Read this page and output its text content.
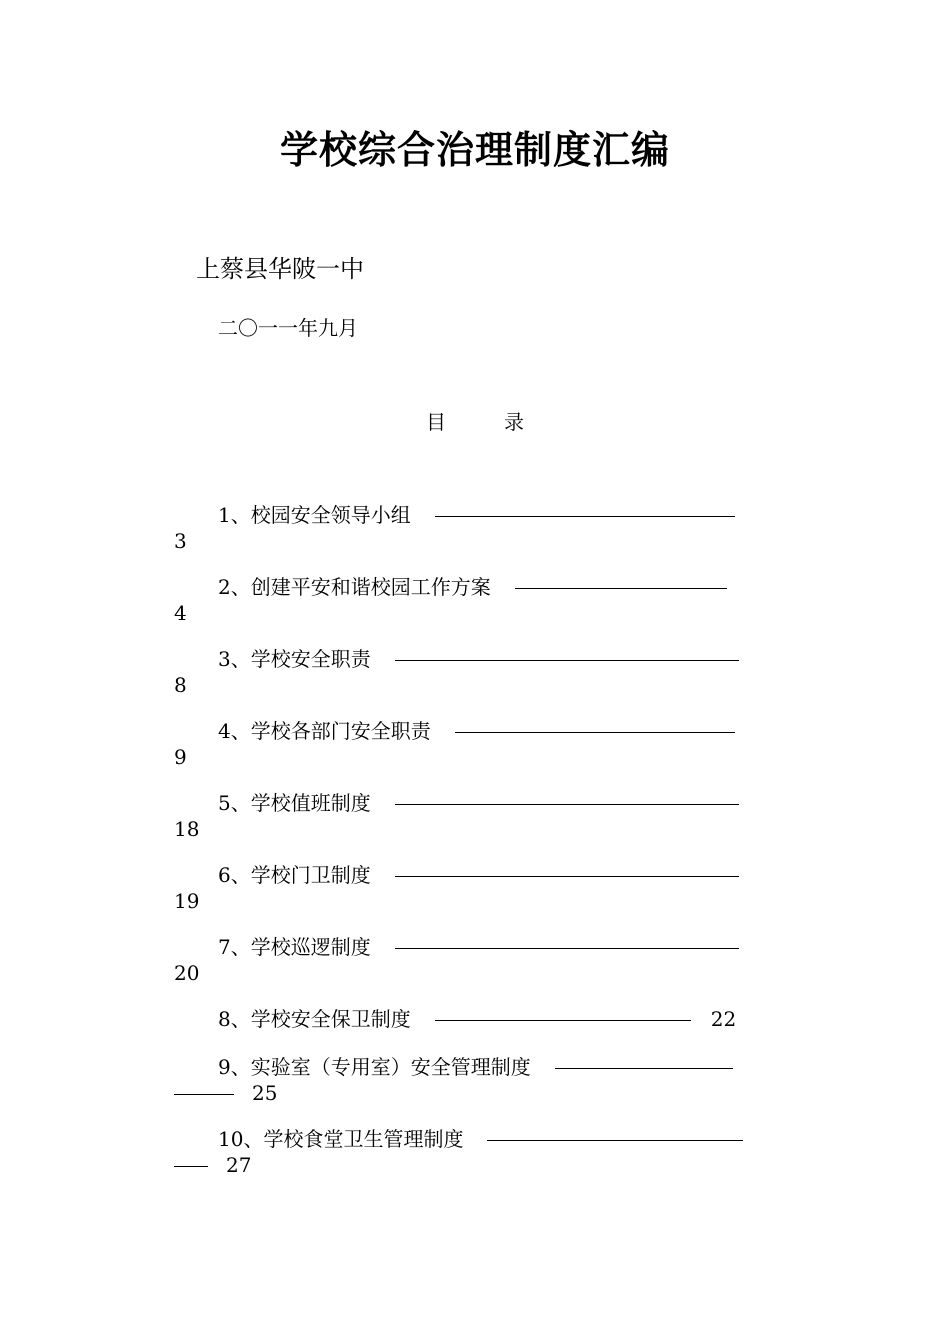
学校综合治理制度汇编
上蔡县华陂一中
二〇一一年九月
目	录
1、校园安全领导小组
3
2、创建平安和谐校园工作方案
4
3、学校安全职责
8
4、学校各部门安全职责
9
5、学校值班制度
18
6、学校门卫制度
19
7、学校巡逻制度
20
8、学校安全保卫制度	22
9、实验室（专用室）安全管理制度
25
10、学校食堂卫生管理制度
27
